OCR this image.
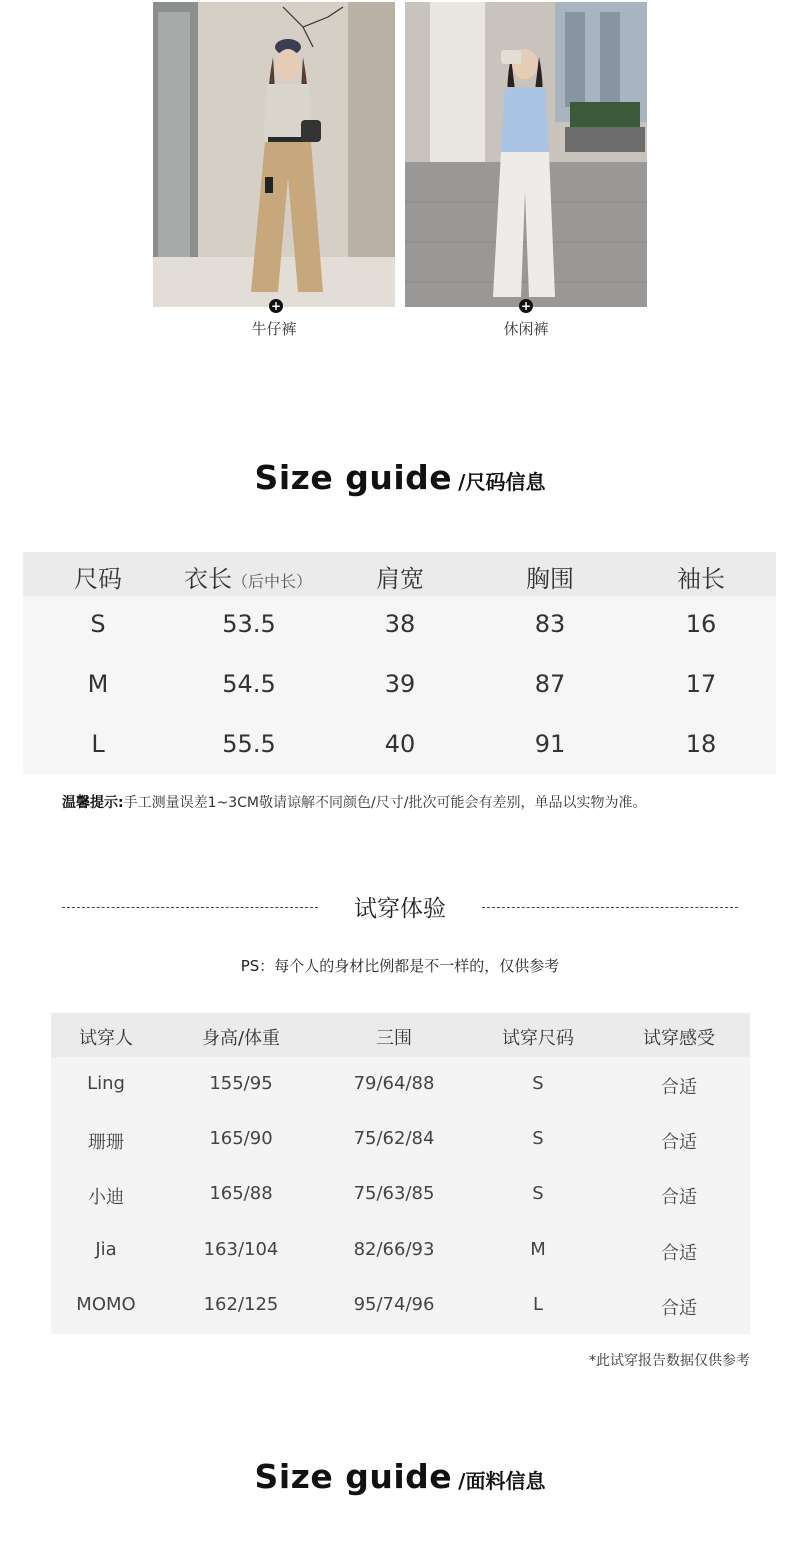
+
牛仔裤
+
休闲裤
Size guide /尺码信息
尺码	衣长（后中长）	肩宽	胸围	袖长
S	53.5	38	83	16
M	54.5	39	87	17
L	55.5	40	91	18
温馨提示:手工测量误差1~3CM敬请谅解不同颜色/尺寸/批次可能会有差别，单品以实物为准。
试穿体验
PS：每个人的身材比例都是不一样的，仅供参考
试穿人	身高/体重	三围	试穿尺码	试穿感受
Ling	155/95	79/64/88	S	合适
珊珊	165/90	75/62/84	S	合适
小迪	165/88	75/63/85	S	合适
Jia	163/104	82/66/93	M	合适
MOMO	162/125	95/74/96	L	合适
*此试穿报告数据仅供参考
Size guide /面料信息
